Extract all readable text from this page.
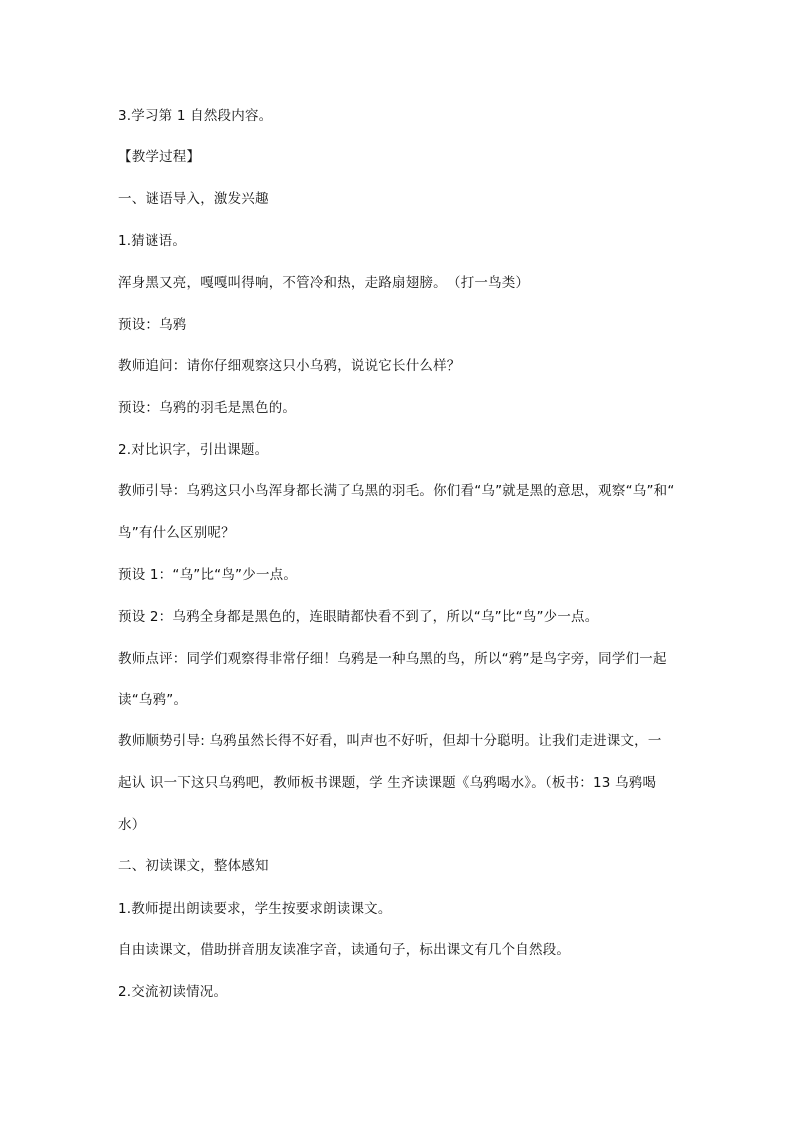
3.学习第 1 自然段内容。
【教学过程】
一、谜语导入，激发兴趣
1.猜谜语。
浑身黑又亮，嘎嘎叫得响，不管冷和热，走路扇翅膀。　（打一鸟类）
预设：乌鸦
教师追问：请你仔细观察这只小乌鸦，说说它长什么样？
预设：乌鸦的羽毛是黑色的。
2.对比识字，引出课题。
教师引导：乌鸦这只小鸟浑身都长满了乌黑的羽毛。你们看“乌”就是黑的意思，观察“乌”和“
鸟”有什么区别呢？
预设 1：“乌”比“鸟”少一点。
预设 2：乌鸦全身都是黑色的，连眼睛都快看不到了，所以“乌”比“鸟”少一点。
教师点评：同学们观察得非常仔细！乌鸦是一种乌黑的鸟，所以“鸦”是鸟字旁，同学们一起
读“乌鸦”。
教师顺势引导: 乌鸦虽然长得不好看，叫声也不好听，但却十分聪明。让我们走进课文，一
起认 识一下这只乌鸦吧，教师板书课题，学 生齐读课题《乌鸦喝水》。（板书：13 乌鸦喝
水）
二、初读课文，整体感知
1.教师提出朗读要求，学生按要求朗读课文。
自由读课文，借助拼音朋友读准字音，读通句子，标出课文有几个自然段。
2.交流初读情况。
